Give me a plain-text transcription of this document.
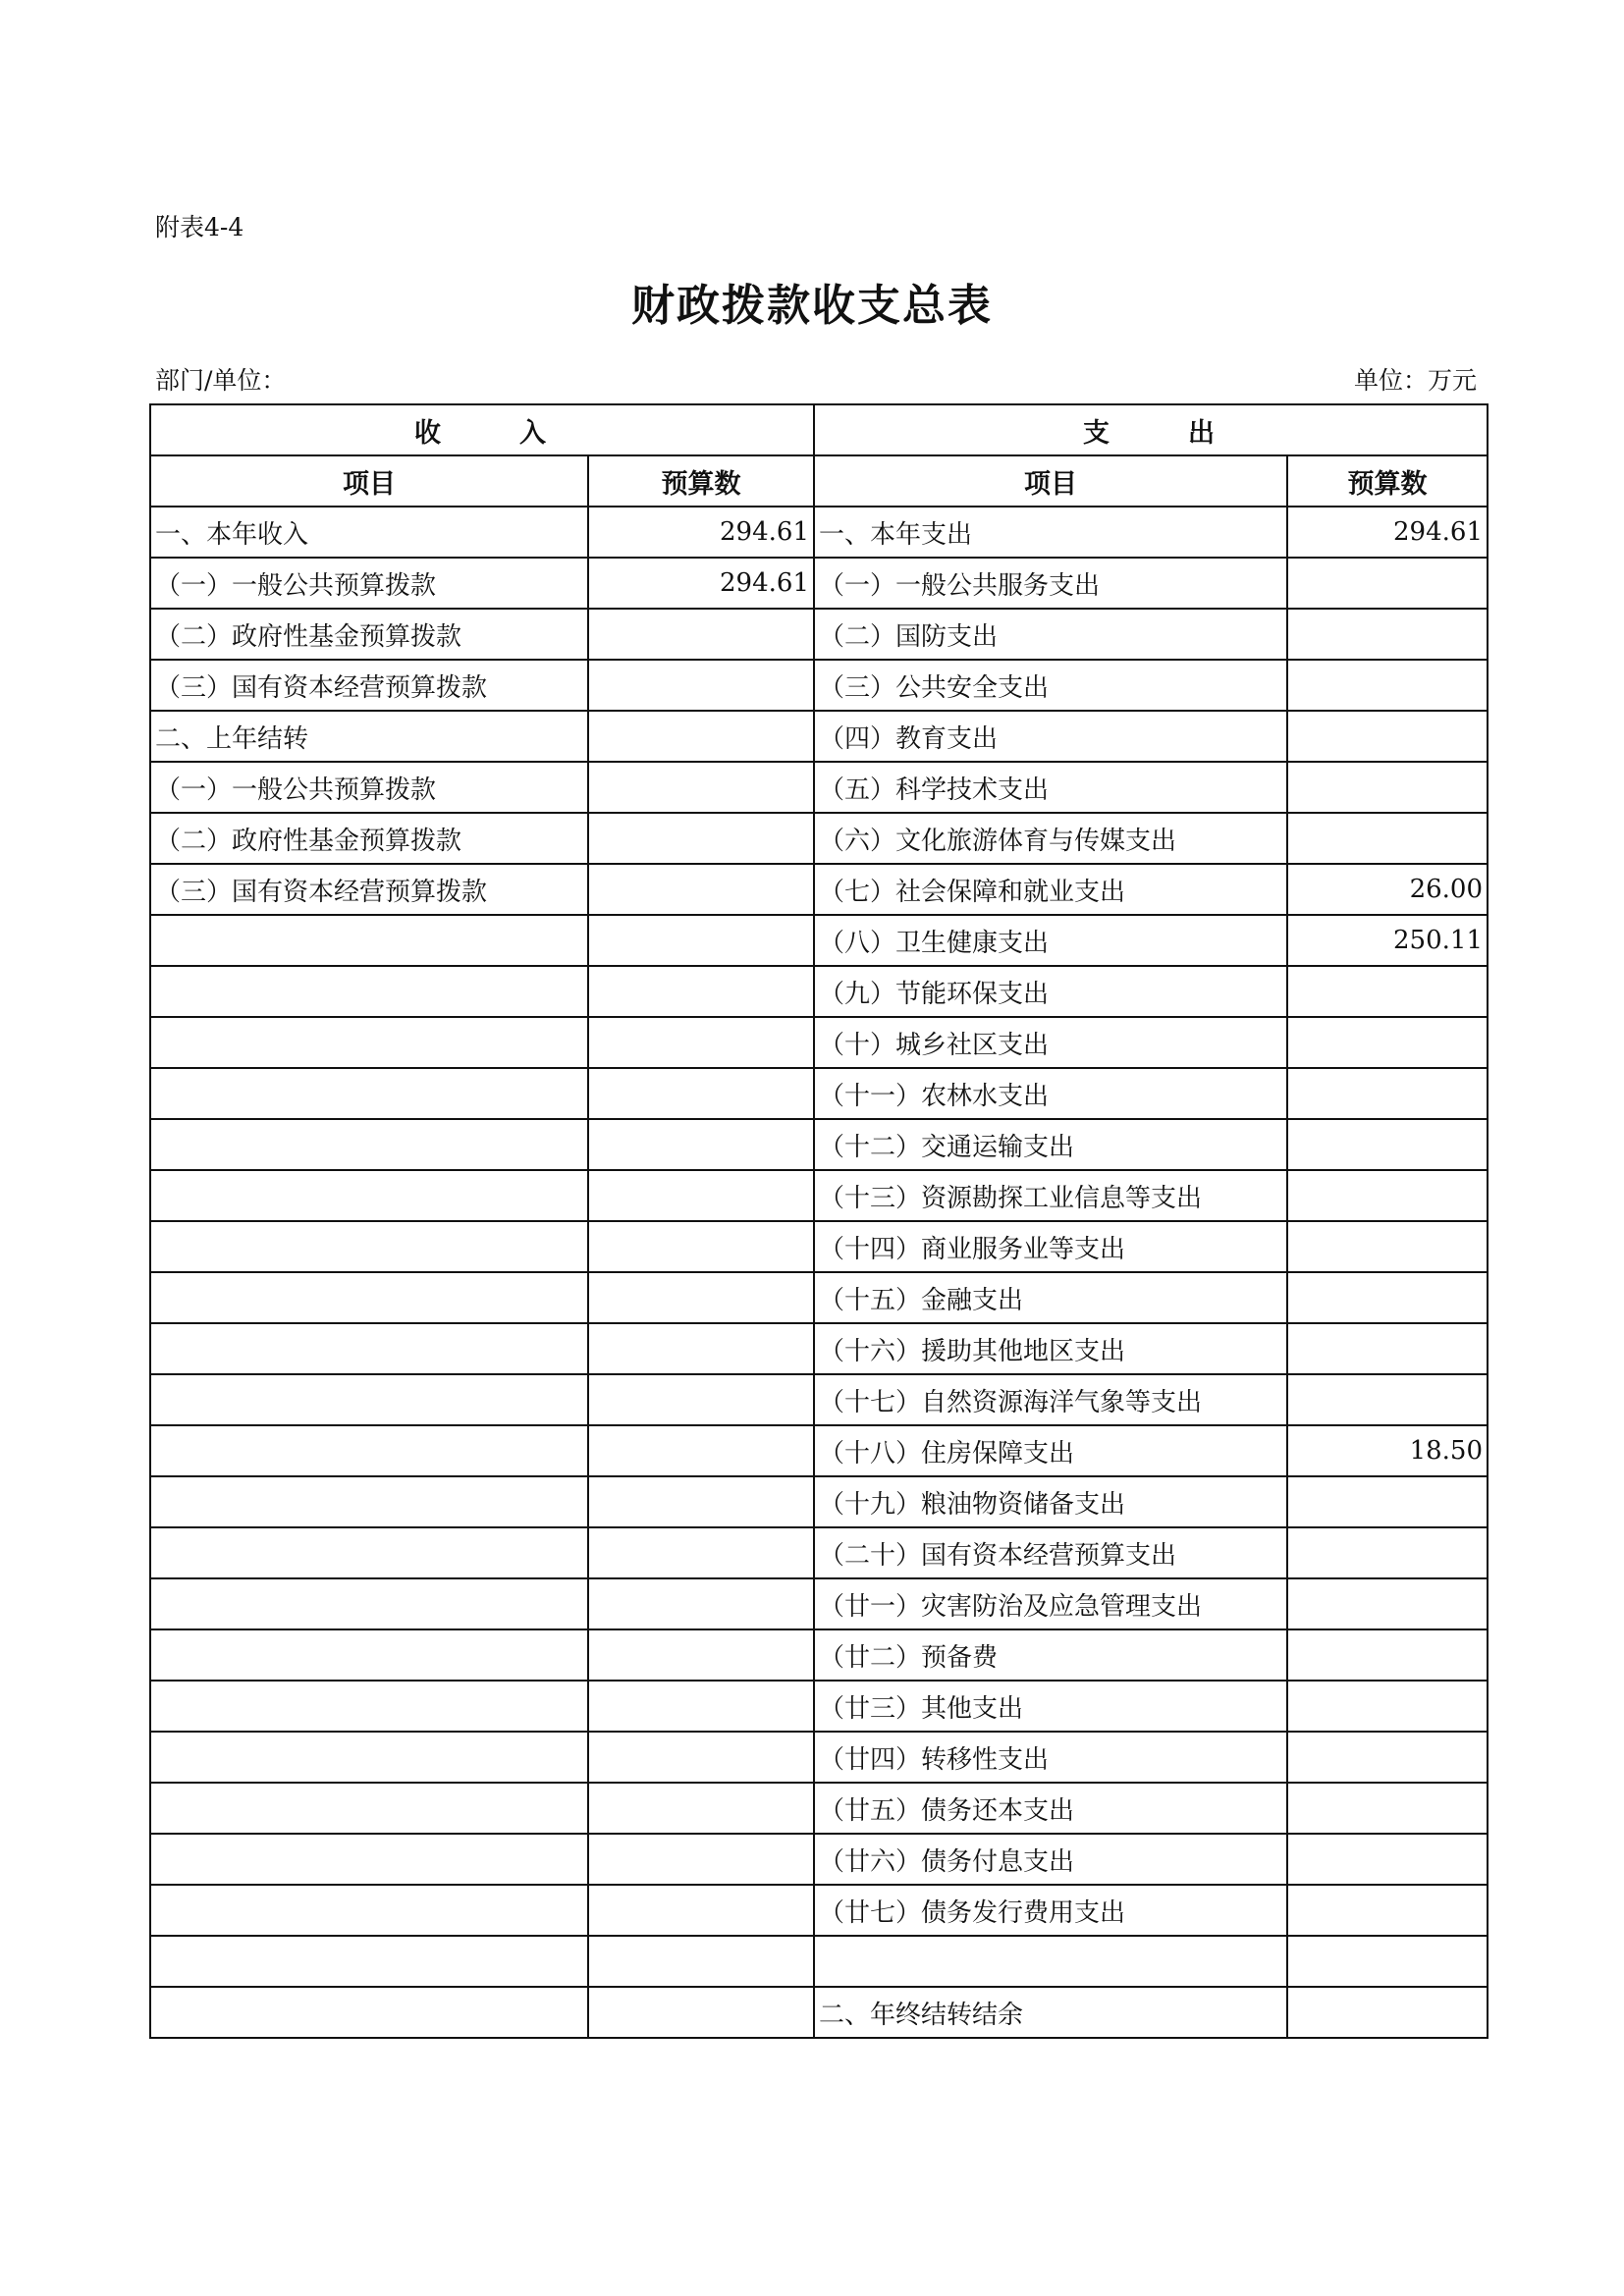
附表4-4
财政拨款收支总表
部门/单位：	单位：万元
收入		支出	
项目	预算数	项目	预算数
一、本年收入	294.61	一、本年支出	294.61
（一）一般公共预算拨款	294.61	（一）一般公共服务支出	
（二）政府性基金预算拨款		（二）国防支出	
（三）国有资本经营预算拨款		（三）公共安全支出	
二、上年结转		（四）教育支出	
（一）一般公共预算拨款		（五）科学技术支出	
（二）政府性基金预算拨款		（六）文化旅游体育与传媒支出	
（三）国有资本经营预算拨款		（七）社会保障和就业支出	26.00
		（八）卫生健康支出	250.11
		（九）节能环保支出	
		（十）城乡社区支出	
		（十一）农林水支出	
		（十二）交通运输支出	
		（十三）资源勘探工业信息等支出	
		（十四）商业服务业等支出	
		（十五）金融支出	
		（十六）援助其他地区支出	
		（十七）自然资源海洋气象等支出	
		（十八）住房保障支出	18.50
		（十九）粮油物资储备支出	
		（二十）国有资本经营预算支出	
		（廿一）灾害防治及应急管理支出	
		（廿二）预备费	
		（廿三）其他支出	
		（廿四）转移性支出	
		（廿五）债务还本支出	
		（廿六）债务付息支出	
		（廿七）债务发行费用支出	

		二、年终结转结余	
